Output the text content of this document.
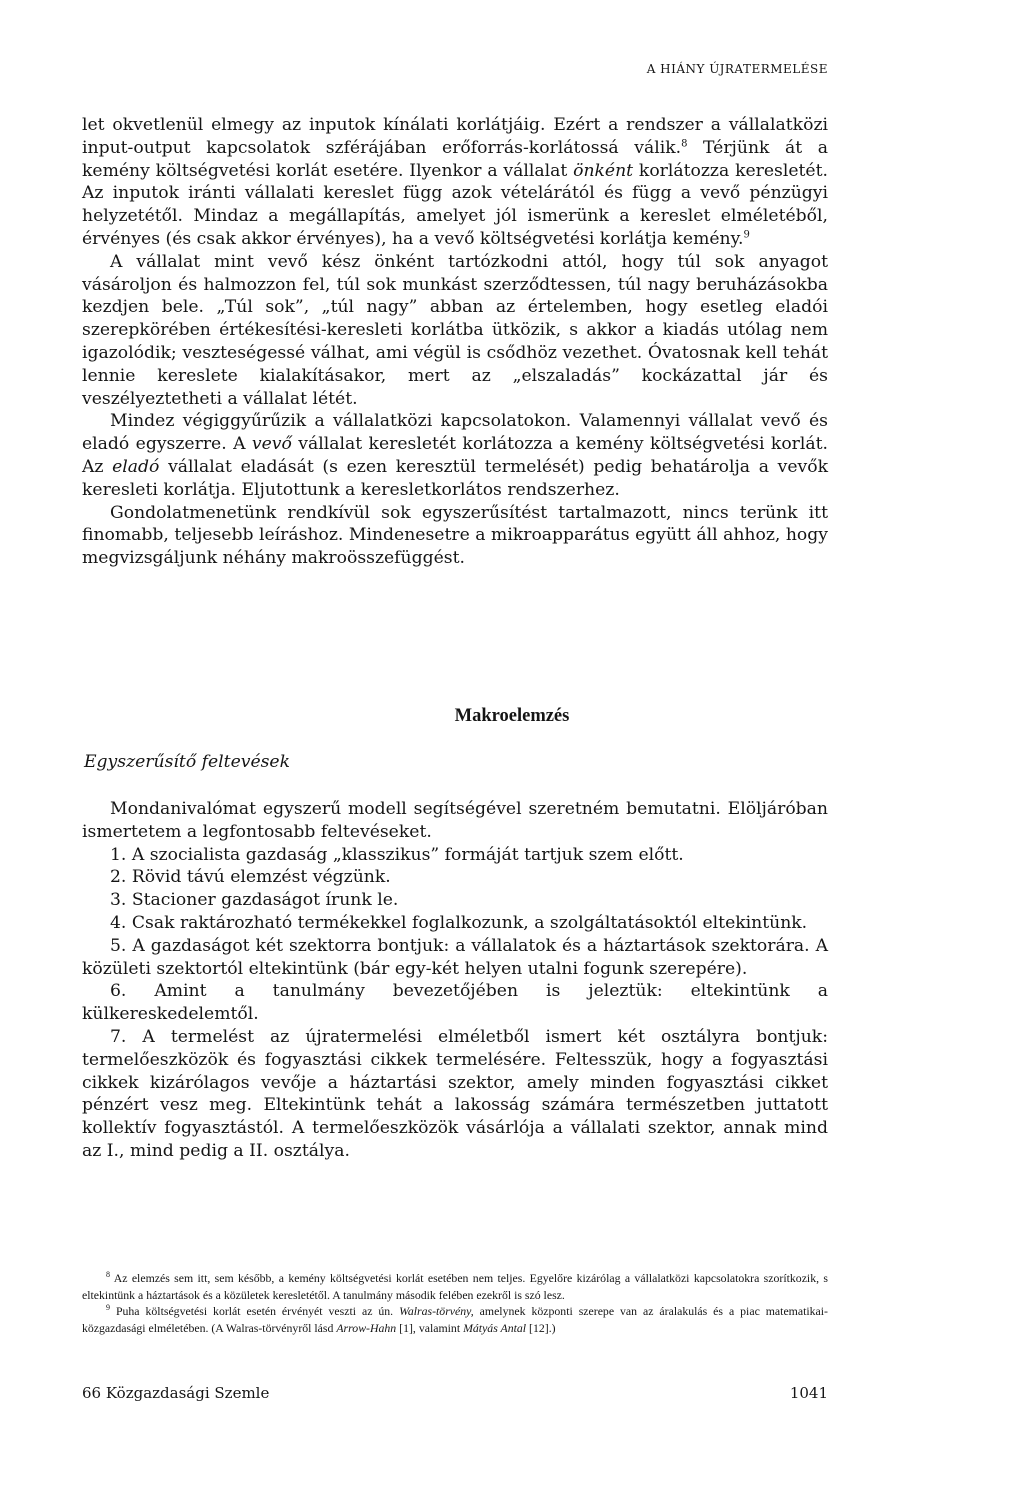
A HIÁNY ÚJRATERMELÉSE

let okvetlenül elmegy az inputok kínálati korlátjáig. Ezért a rendszer a vállalatközi input-output kapcsolatok szférájában erőforrás-korlátossá válik.$^8$ Térjünk át a kemény költségvetési korlát esetére. Ilyenkor a vállalat önként korlátozza keresletét. Az inputok iránti vállalati kereslet függ azok vételárától és függ a vevő pénzügyi helyzetétől. Mindaz a megállapítás, amelyet jól ismerünk a kereslet elméletéből, érvényes (és csak akkor érvényes), ha a vevő költségvetési korlátja kemény.$^9$

A vállalat mint vevő kész önként tartózkodni attól, hogy túl sok anyagot vásároljon és halmozzon fel, túl sok munkást szerződtessen, túl nagy beruházásokba kezdjen bele. „Túl sok”, „túl nagy” abban az értelemben, hogy esetleg eladói szerepkörében értékesítési-keresleti korlátba ütközik, s akkor a kiadás utólag nem igazolódik; veszteségessé válhat, ami végül is csődhöz vezethet. Óvatosnak kell tehát lennie kereslete kialakításakor, mert az „elszaladás” kockázattal jár és veszélyeztetheti a vállalat létét.

Mindez végiggyűrűzik a vállalatközi kapcsolatokon. Valamennyi vállalat vevő és eladó egyszerre. A vevő vállalat keresletét korlátozza a kemény költségvetési korlát. Az eladó vállalat eladását (s ezen keresztül termelését) pedig behatárolja a vevők keresleti korlátja. Eljutottunk a keresletkorlátos rendszerhez.

Gondolatmenetünk rendkívül sok egyszerűsítést tartalmazott, nincs terünk itt finomabb, teljesebb leíráshoz. Mindenesetre a mikroapparátus együtt áll ahhoz, hogy megvizsgáljunk néhány makroösszefüggést.

Makroelemzés
Egyszerűsítő feltevések

Mondanivalómat egyszerű modell segítségével szeretném bemutatni. Elöljáróban ismertetem a legfontosabb feltevéseket.

1. A szocialista gazdaság „klasszikus” formáját tartjuk szem előtt.

2. Rövid távú elemzést végzünk.

3. Stacioner gazdaságot írunk le.

4. Csak raktározható termékekkel foglalkozunk, a szolgáltatásoktól eltekintünk.

5. A gazdaságot két szektorra bontjuk: a vállalatok és a háztartások szektorára. A közületi szektortól eltekintünk (bár egy-két helyen utalni fogunk szerepére).

6. Amint a tanulmány bevezetőjében is jeleztük: eltekintünk a külkereskedelemtől.

7. A termelést az újratermelési elméletből ismert két osztályra bontjuk: termelőeszközök és fogyasztási cikkek termelésére. Feltesszük, hogy a fogyasztási cikkek kizárólagos vevője a háztartási szektor, amely minden fogyasztási cikket pénzért vesz meg. Eltekintünk tehát a lakosság számára természetben juttatott kollektív fogyasztástól. A termelőeszközök vásárlója a vállalati szektor, annak mind az I., mind pedig a II. osztálya.

$^8$ Az elemzés sem itt, sem később, a kemény költségvetési korlát esetében nem teljes. Egyelőre kizárólag a vállalatközi kapcsolatokra szorítkozik, s eltekintünk a háztartások és a közületek keresletétől. A tanulmány második felében ezekről is szó lesz.

$^9$ Puha költségvetési korlát esetén érvényét veszti az ún. Walras-törvény, amelynek központi szerepe van az áralakulás és a piac matematikai-közgazdasági elméletében. (A Walras-törvényről lásd Arrow-Hahn [1], valamint Mátyás Antal [12].)

66 Közgazdasági Szemle	1041
